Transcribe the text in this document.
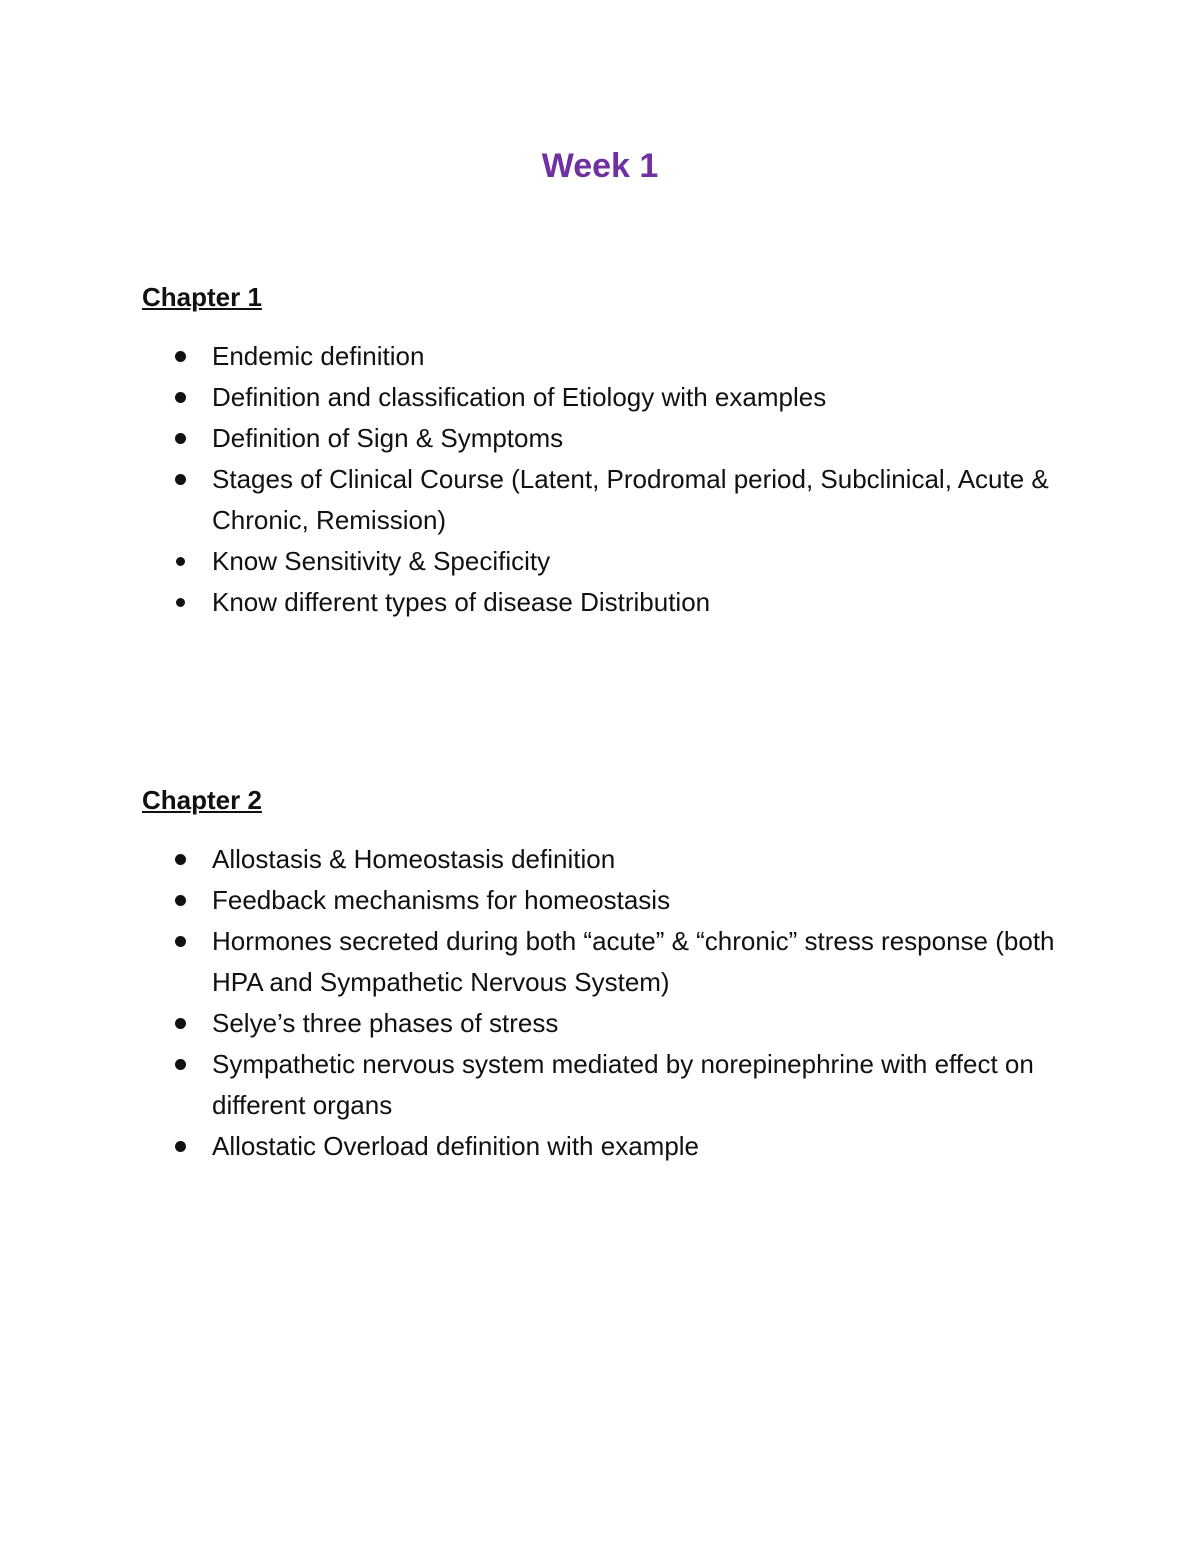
Week 1
Chapter 1
Endemic definition
Definition and classification of Etiology with examples
Definition of Sign & Symptoms
Stages of Clinical Course (Latent, Prodromal period, Subclinical, Acute & Chronic, Remission)
Know Sensitivity & Specificity
Know different types of disease Distribution
Chapter 2
Allostasis & Homeostasis definition
Feedback mechanisms for homeostasis
Hormones secreted during both “acute” & “chronic” stress response (both HPA and Sympathetic Nervous System)
Selye’s three phases of stress
Sympathetic nervous system mediated by norepinephrine with effect on different organs
Allostatic Overload definition with example
